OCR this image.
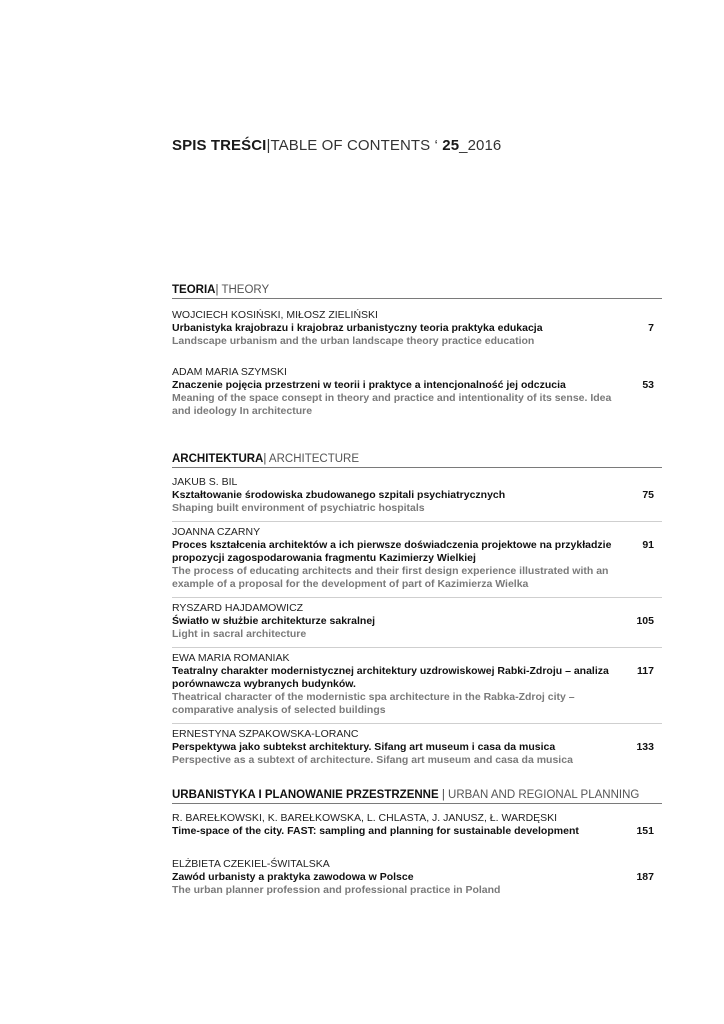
SPIS TREŚCI|TABLE OF CONTENTS ‘ 25_2016
TEORIA| THEORY
WOJCIECH KOSIŃSKI, MIŁOSZ ZIELIŃSKI
Urbanistyka krajobrazu i krajobraz urbanistyczny teoria praktyka edukacja
Landscape urbanism and the urban landscape theory practice education
7
ADAM MARIA SZYMSKI
Znaczenie pojęcia przestrzeni w teorii i praktyce a intencjonalność jej odczucia
Meaning of the space consept in theory and practice and intentionality of its sense. Idea and ideology In architecture
53
ARCHITEKTURA| ARCHITECTURE
JAKUB S. BIL
Kształtowanie środowiska zbudowanego szpitali psychiatrycznych
Shaping built environment of psychiatric hospitals
75
JOANNA CZARNY
Proces kształcenia architektów a ich pierwsze doświadczenia projektowe na przykładzie propozycji zagospodarowania fragmentu Kazimierzy Wielkiej
The process of educating architects and their first design experience illustrated with an example of a proposal for the development of part of Kazimierza Wielka
91
RYSZARD HAJDAMOWICZ
Światło w służbie architekturze sakralnej
Light in sacral architecture
105
EWA MARIA ROMANIAK
Teatralny charakter modernistycznej architektury uzdrowiskowej Rabki-Zdroju – analiza porównawcza wybranych budynków.
Theatrical character of the modernistic spa architecture in the Rabka-Zdroj city – comparative analysis of selected buildings
117
ERNESTYNA SZPAKOWSKA-LORANC
Perspektywa jako subtekst architektury. Sifang art museum i casa da musica
Perspective as a subtext of architecture. Sifang art museum and casa da musica
133
URBANISTYKA I PLANOWANIE PRZESTRZENNE | URBAN AND REGIONAL PLANNING
R. BAREŁKOWSKI, K. BAREŁKOWSKA, L. CHLASTA, J. JANUSZ, Ł. WARDĘSKI
Time-space of the city. FAST: sampling and planning for sustainable development	151
ELŻBIETA CZEKIEL-ŚWITALSKA
Zawód urbanisty a praktyka zawodowa w Polsce
The urban planner profession and professional practice in Poland
187
